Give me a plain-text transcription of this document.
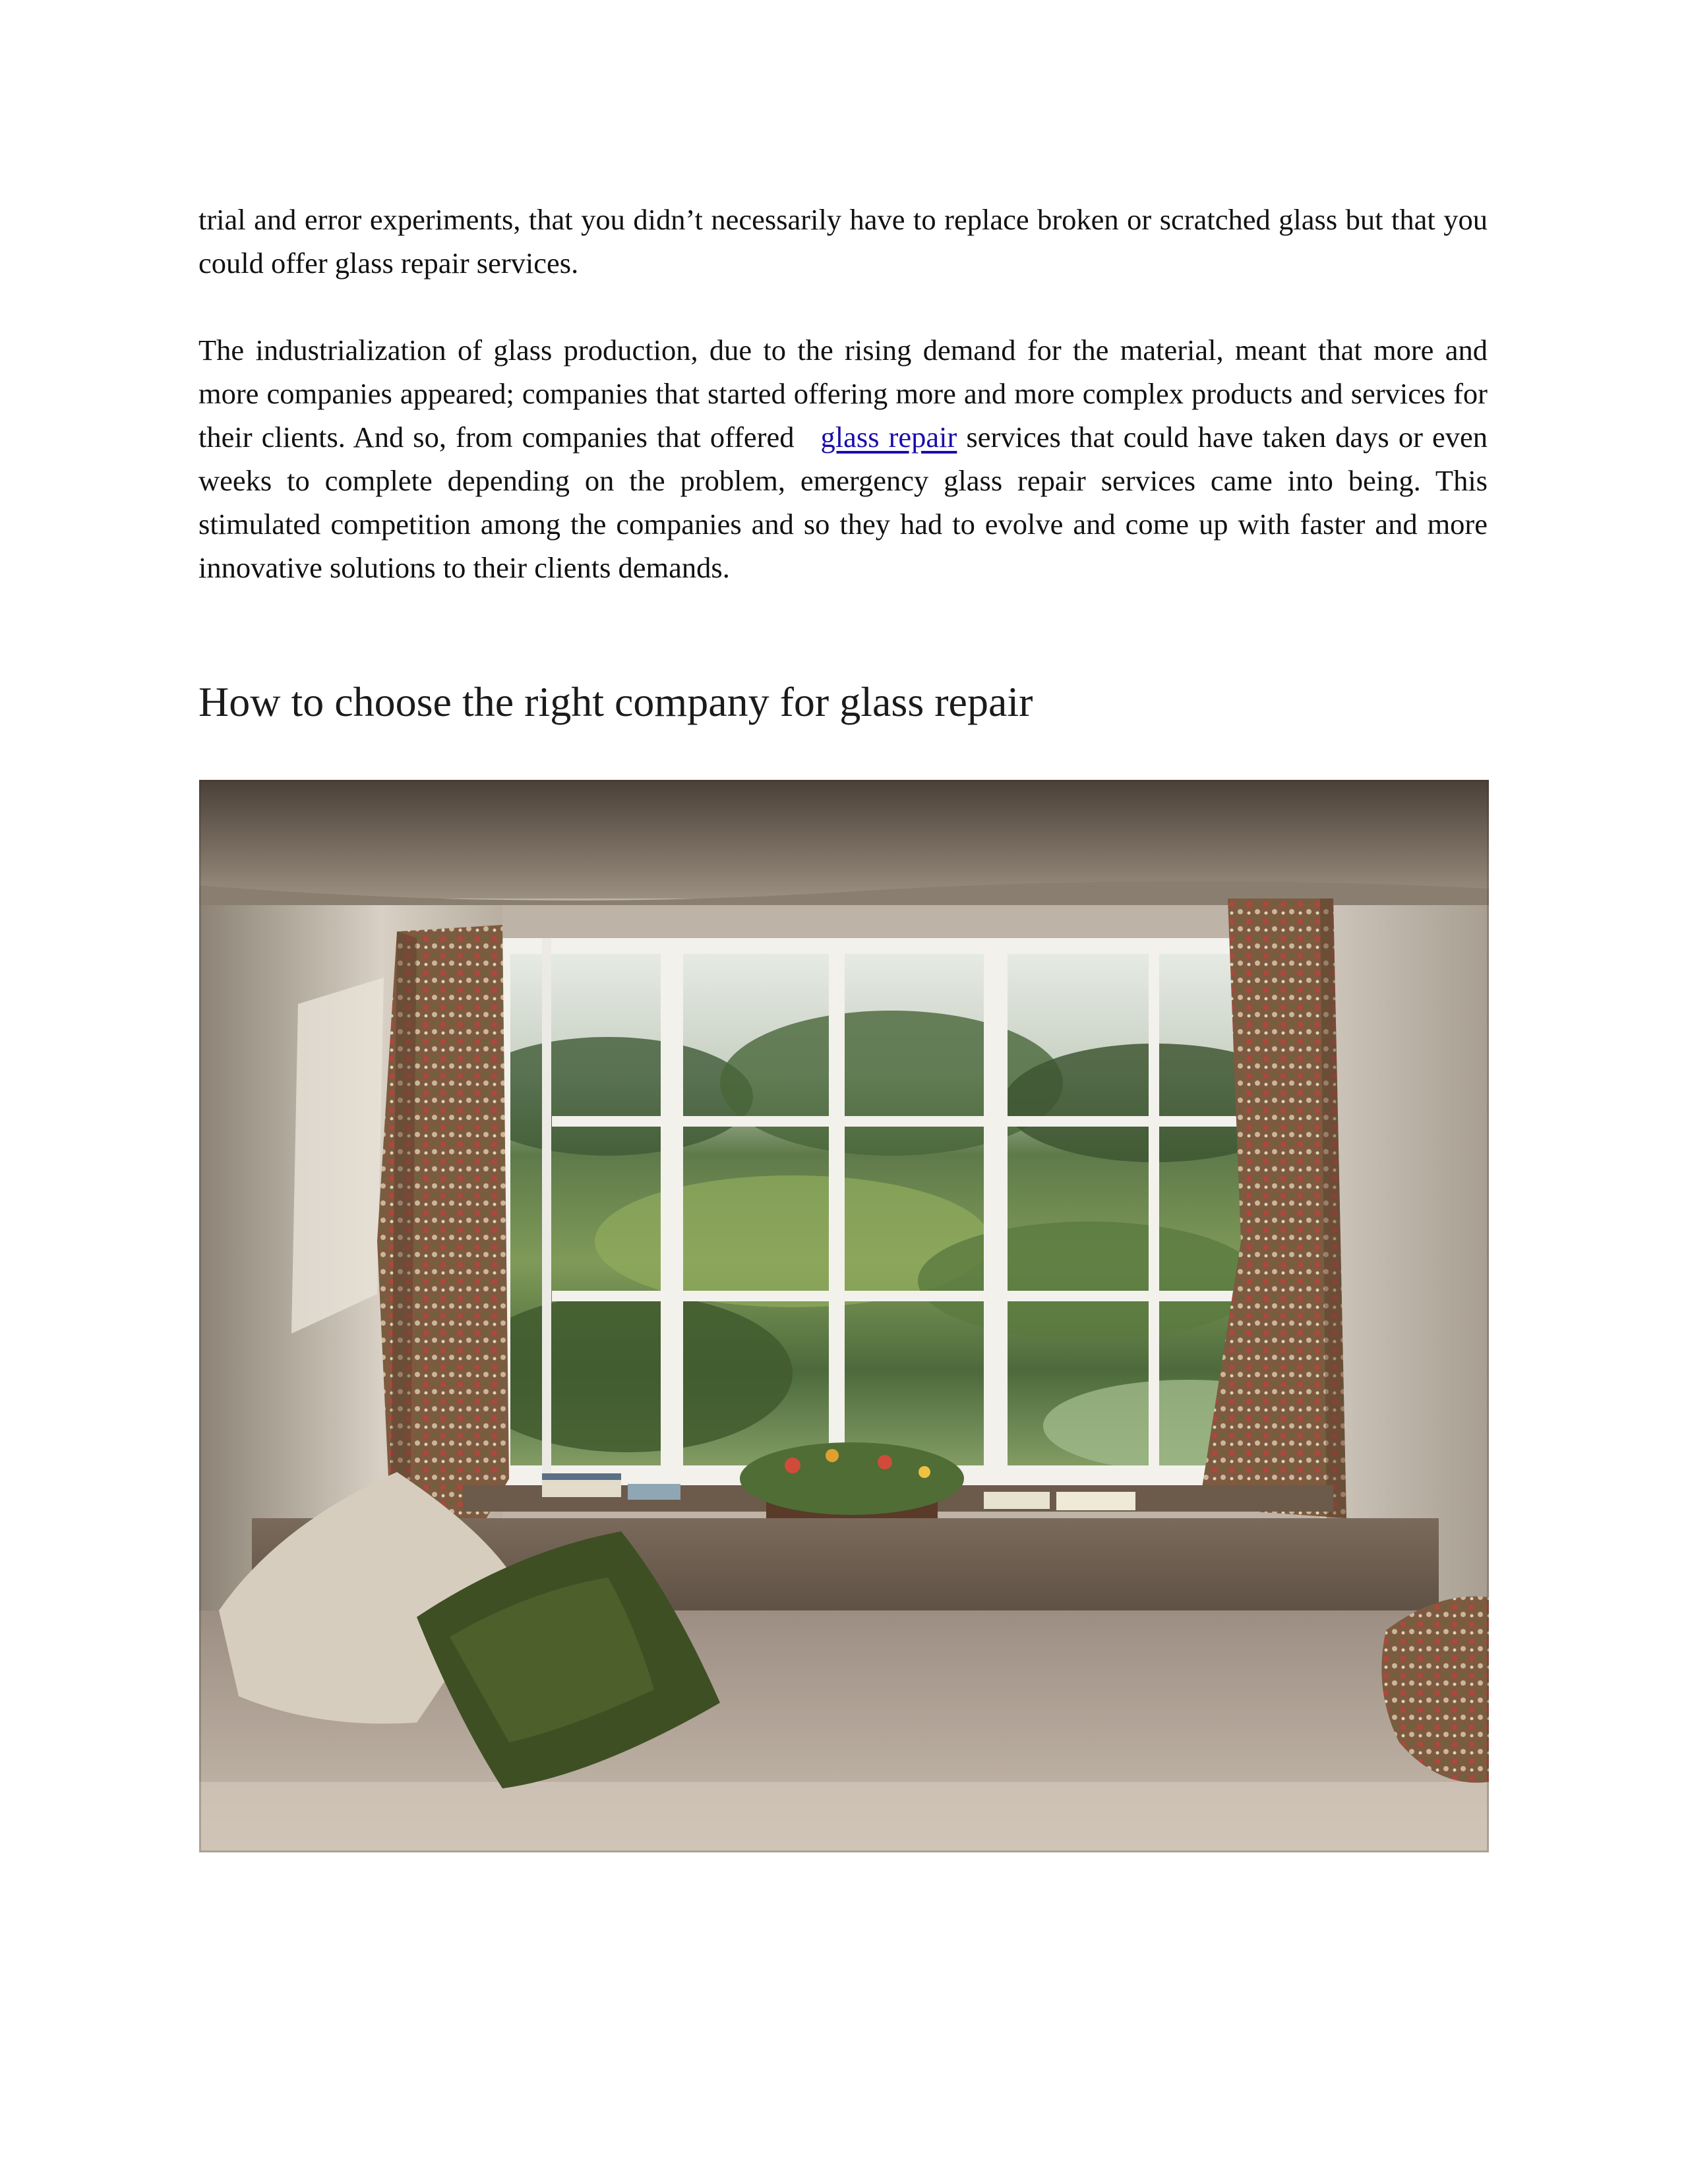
trial and error experiments, that you didn’t necessarily have to replace broken or scratched glass but that you could offer glass repair services.

The industrialization of glass production, due to the rising demand for the material, meant that more and more companies appeared; companies that started offering more and more complex products and services for their clients. And so, from companies that offered glass repair services that could have taken days or even weeks to complete depending on the problem, emergency glass repair services came into being. This stimulated competition among the companies and so they had to evolve and come up with faster and more innovative solutions to their clients demands.

How to choose the right company for glass repair
